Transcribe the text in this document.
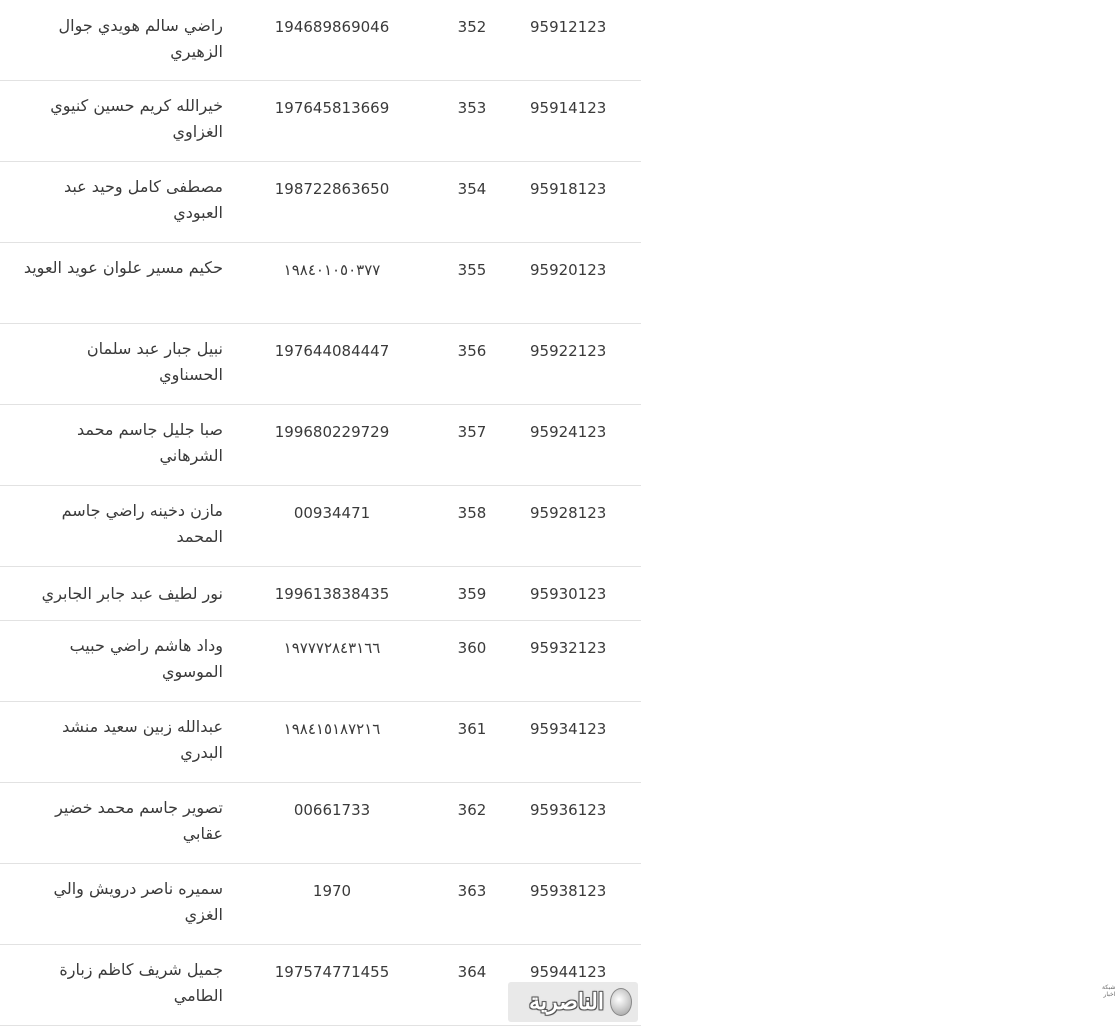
95912123
352
194689869046
راضي سالم هويدي جوال الزهيري
95914123
353
197645813669
خيرالله كريم حسين كنيوي الغزاوي
95918123
354
198722863650
مصطفى كامل وحيد عبد العبودي
95920123
355
١٩٨٤٠١٠٥٠٣٧٧
حكيم مسير علوان عويد العويد
95922123
356
197644084447
نبيل جبار عبد سلمان الحسناوي
95924123
357
199680229729
صبا جليل جاسم محمد الشرهاني
95928123
358
00934471
مازن دخينه راضي جاسم المحمد
95930123
359
199613838435
نور لطيف عبد جابر الجابري
95932123
360
١٩٧٧٧٢٨٤٣١٦٦
وداد هاشم راضي حبيب الموسوي
95934123
361
١٩٨٤١٥١٨٧٢١٦
عبدالله زبين سعيد منشد البدري
95936123
362
00661733
تصوير جاسم محمد خضير عقابي
95938123
363
1970
سميره ناصر درويش والي الغزي
95944123
364
197574771455
جميل شريف كاظم زبارة الطامي	شبكة اخبار
الناصرية
